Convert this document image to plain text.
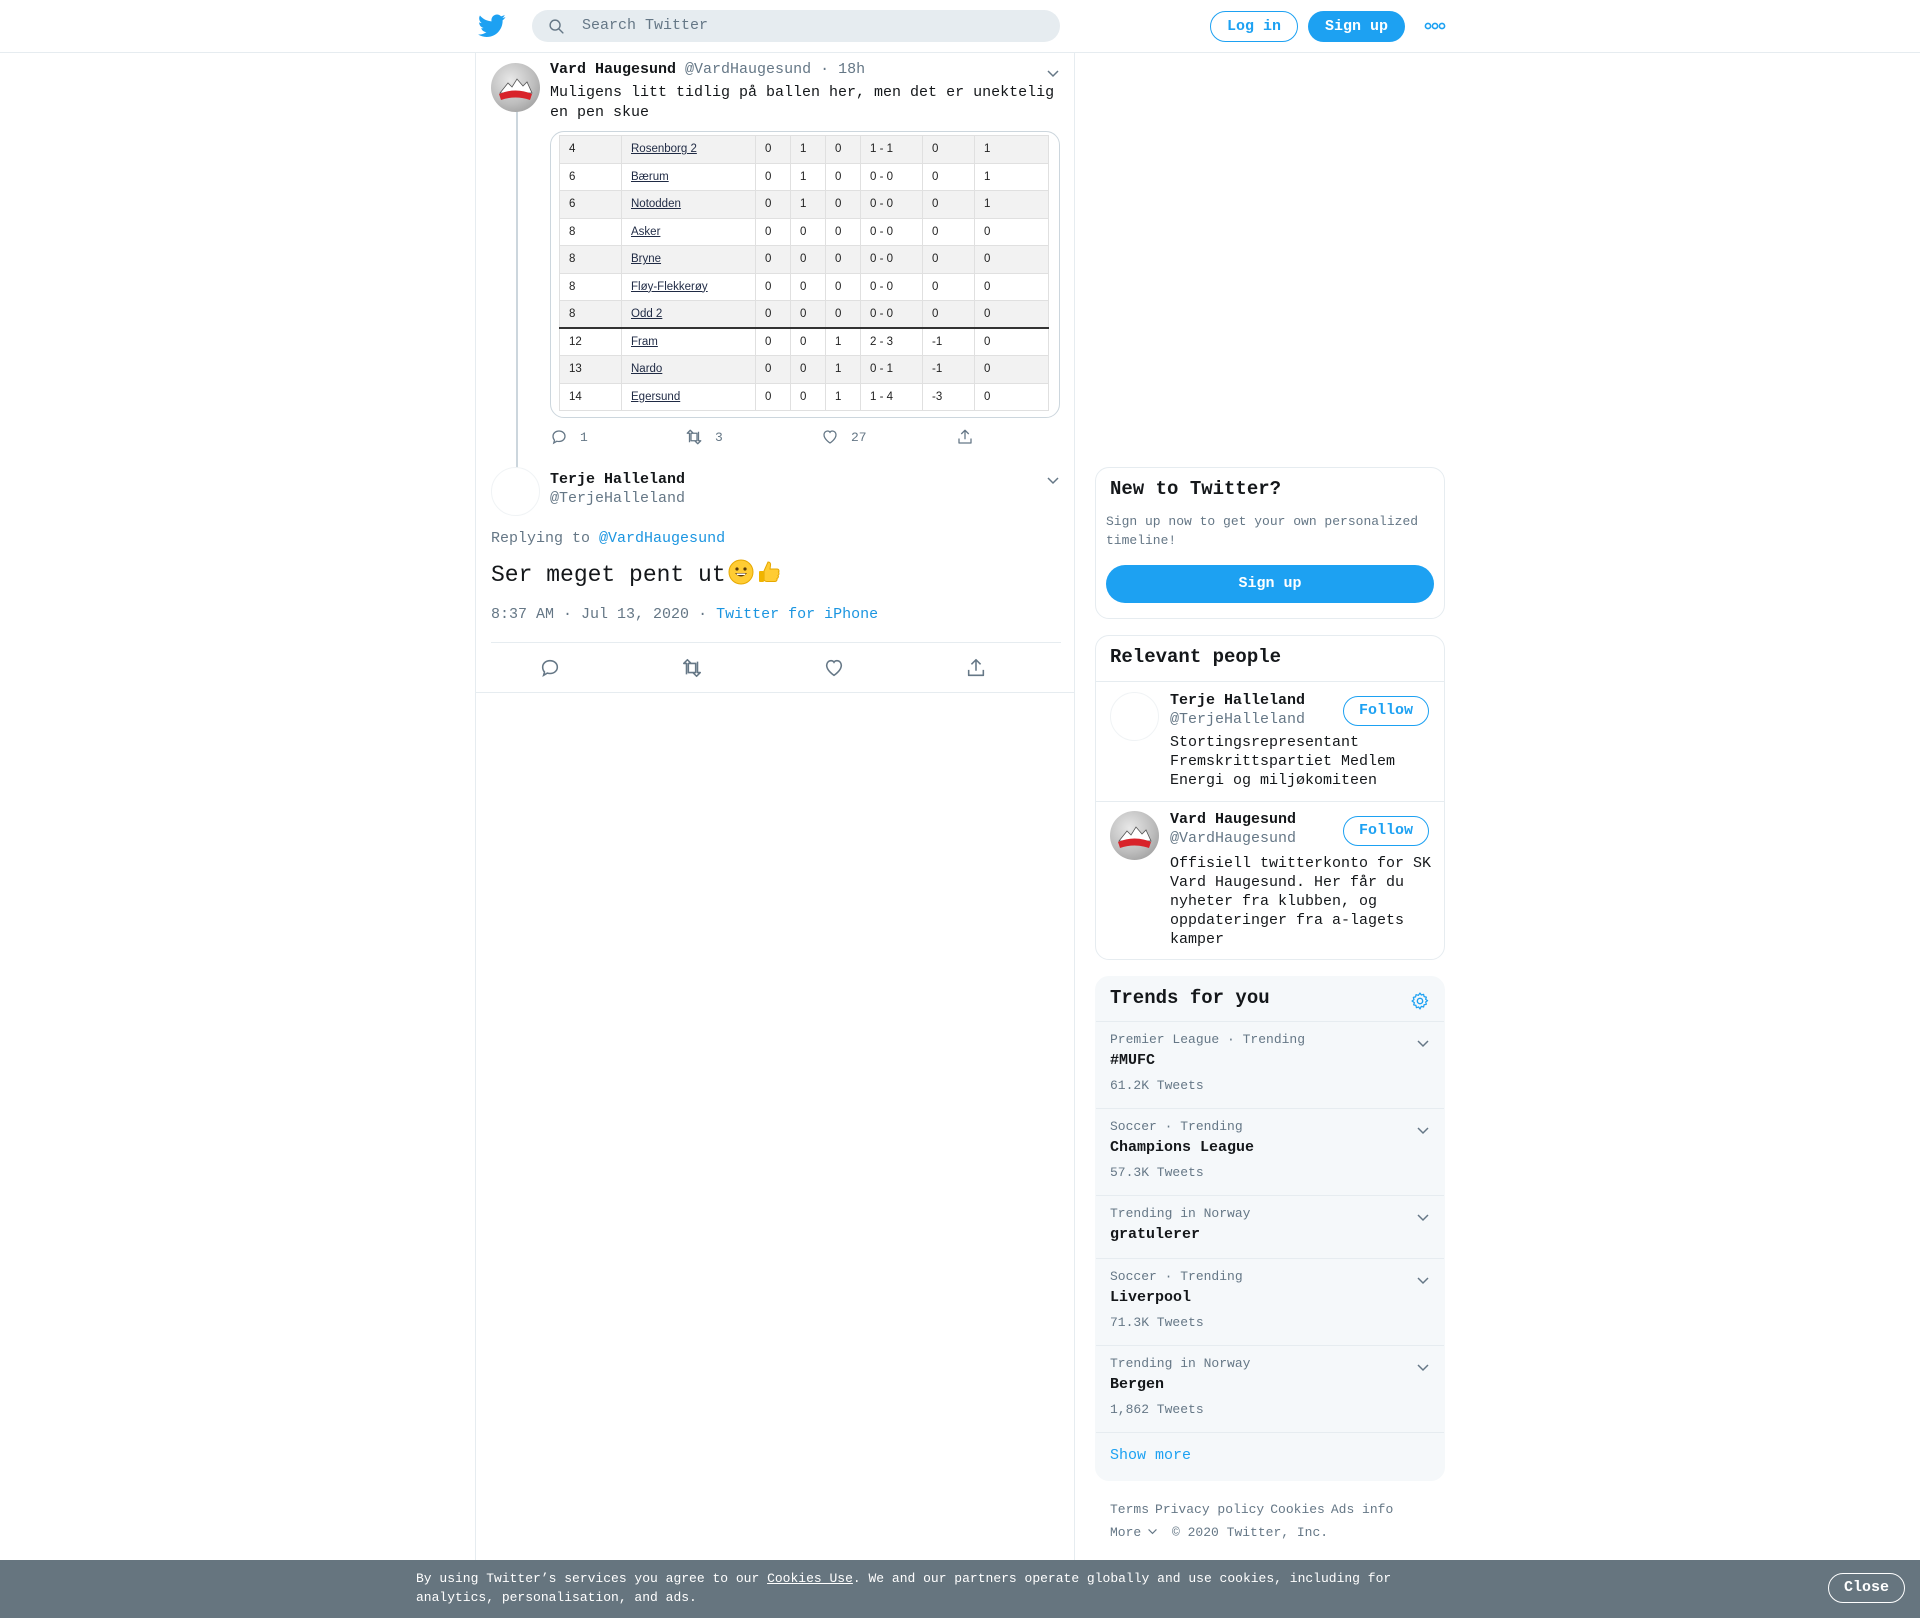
Search Twitter	Log in	Sign up
Vard Haugesund @VardHaugesund · 18h
Muligens litt tidlig på ballen her, men det er unektelig en pen skue
4	Rosenborg 2	0	1	0	1 - 1	0	1
6	Bærum	0	1	0	0 - 0	0	1
6	Notodden	0	1	0	0 - 0	0	1
8	Asker	0	0	0	0 - 0	0	0
8	Bryne	0	0	0	0 - 0	0	0
8	Fløy-Flekkerøy	0	0	0	0 - 0	0	0
8	Odd 2	0	0	0	0 - 0	0	0
12	Fram	0	0	1	2 - 3	-1	0
13	Nardo	0	0	1	0 - 1	-1	0
14	Egersund	0	0	1	1 - 4	-3	0
1	3	27
Terje Halleland
@TerjeHalleland
Replying to @VardHaugesund
Ser meget pent ut
8:37 AM · Jul 13, 2020 · Twitter for iPhone
New to Twitter?
Sign up now to get your own personalized timeline!
Sign up
Relevant people
Terje Halleland
@TerjeHalleland
Follow
Stortingsrepresentant Fremskrittspartiet Medlem Energi og miljøkomiteen
Vard Haugesund
@VardHaugesund	Follow
Offisiell twitterkonto for SK Vard Haugesund. Her får du nyheter fra klubben, og oppdateringer fra a-lagets kamper
Trends for you
Premier League · Trending
#MUFC
61.2K Tweets
Soccer · Trending
Champions League
57.3K Tweets
Trending in Norway
gratulerer
Soccer · Trending
Liverpool
71.3K Tweets
Trending in Norway
Bergen
1,862 Tweets
Show more
Terms Privacy policy Cookies Ads info
More © 2020 Twitter, Inc.
By using Twitter’s services you agree to our Cookies Use. We and our partners operate globally and use cookies, including for analytics, personalisation, and ads.
Close
